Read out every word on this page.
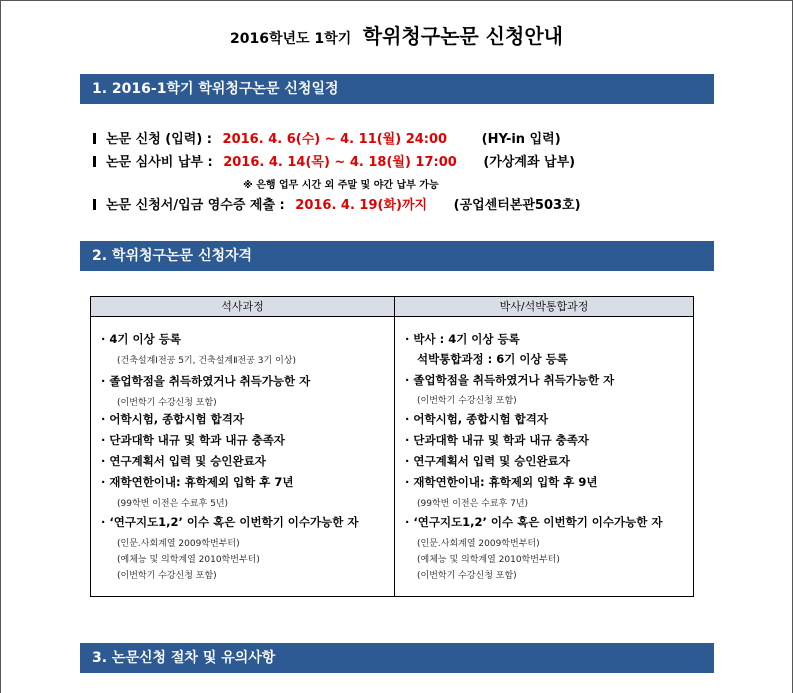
2016학년도 1학기 학위청구논문 신청안내
1. 2016-1학기 학위청구논문 신청일정
논문 신청 (입력) : 2016. 4. 6(수) ~ 4. 11(월) 24:00	(HY-in 입력)
논문 심사비 납부 : 2016. 4. 14(목) ~ 4. 18(월) 17:00 (가상계좌 납부)
※ 은행 업무 시간 외 주말 및 야간 납부 가능
논문 신청서/입금 영수증 제출 : 2016. 4. 19(화)까지 (공업센터본관503호)
2. 학위청구논문 신청자격
석사과정	박사/석박통합과정
· 4기 이상 등록
(건축설계Ⅰ전공 5기, 건축설계Ⅱ전공 3기 이상)
· 졸업학점을 취득하였거나 취득가능한 자
(이번학기 수강신청 포함)
· 어학시험, 종합시험 합격자
· 단과대학 내규 및 학과 내규 충족자
· 연구계획서 입력 및 승인완료자
· 재학연한이내: 휴학제외 입학 후 7년
(99학번 이전은 수료후 5년)
· ‘연구지도1,2’ 이수 혹은 이번학기 이수가능한 자
(인문.사회계열 2009학번부터)
(예체능 및 의학계열 2010학번부터)
(이번학기 수강신청 포함)
· 박사 : 4기 이상 등록
석박통합과정 : 6기 이상 등록
· 졸업학점을 취득하였거나 취득가능한 자
(이번학기 수강신청 포함)
· 어학시험, 종합시험 합격자
· 단과대학 내규 및 학과 내규 충족자
· 연구계획서 입력 및 승인완료자
· 재학연한이내: 휴학제외 입학 후 9년
(99학번 이전은 수료후 7년)
· ‘연구지도1,2’ 이수 혹은 이번학기 이수가능한 자
(인문.사회계열 2009학번부터)
(예체능 및 의학계열 2010학번부터)
(이번학기 수강신청 포함)
3. 논문신청 절차 및 유의사항
